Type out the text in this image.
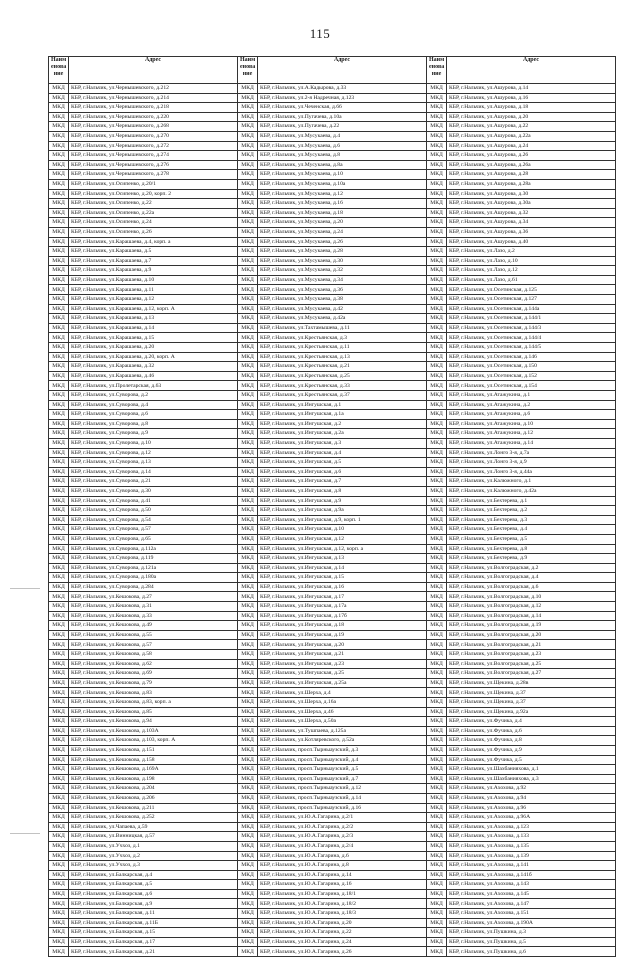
115
Наим енова ние	Адрес	Наим енова ние	Адрес	Наим енова ние	Адрес
МКД	КБР, г.Нальчик, ул.Чернышевского, д.212	МКД	КБР, г.Нальчик, ул.А.Кадырова, д.33	МКД	КБР, г.Нальчик, ул.Ашурова, д.14
МКД	КБР, г.Нальчик, ул.Чернышевского, д.214	МКД	КБР, г.Нальчик, ул.2-я Надречная, д.123	МКД	КБР, г.Нальчик, ул.Ашурова, д.16
МКД	КБР, г.Нальчик, ул.Чернышевского, д.218	МКД	КБР, г.Нальчик, ул.Чеченская, д.66	МКД	КБР, г.Нальчик, ул.Ашурова, д.18
МКД	КБР, г.Нальчик, ул.Чернышевского, д.220	МКД	КБР, г.Нальчик, ул.Пугачева, д.10а	МКД	КБР, г.Нальчик, ул.Ашурова, д.20
МКД	КБР, г.Нальчик, ул.Чернышевского, д.268	МКД	КБР, г.Нальчик, ул.Пугачева, д.22	МКД	КБР, г.Нальчик, ул.Ашурова, д.22
МКД	КБР, г.Нальчик, ул.Чернышевского, д.270	МКД	КБР, г.Нальчик, ул.Мусукаева, д.4	МКД	КБР, г.Нальчик, ул.Ашурова, д.22а
МКД	КБР, г.Нальчик, ул.Чернышевского, д.272	МКД	КБР, г.Нальчик, ул.Мусукаева, д.6	МКД	КБР, г.Нальчик, ул.Ашурова, д.24
МКД	КБР, г.Нальчик, ул.Чернышевского, д.274	МКД	КБР, г.Нальчик, ул.Мусукаева, д.8	МКД	КБР, г.Нальчик, ул.Ашурова, д.26
МКД	КБР, г.Нальчик, ул.Чернышевского, д.276	МКД	КБР, г.Нальчик, ул.Мусукаева, д.8а	МКД	КБР, г.Нальчик, ул.Ашурова, д.26а
МКД	КБР, г.Нальчик, ул.Чернышевского, д.278	МКД	КБР, г.Нальчик, ул.Мусукаева, д.10	МКД	КБР, г.Нальчик, ул.Ашурова, д.28
МКД	КБР, г.Нальчик, ул.Осипенко, д.20/1	МКД	КБР, г.Нальчик, ул.Мусукаева, д.10а	МКД	КБР, г.Нальчик, ул.Ашурова, д.28а
МКД	КБР, г.Нальчик, ул.Осипенко, д.20, корп. 2	МКД	КБР, г.Нальчик, ул.Мусукаева, д.12	МКД	КБР, г.Нальчик, ул.Ашурова, д.30
МКД	КБР, г.Нальчик, ул.Осипенко, д.22	МКД	КБР, г.Нальчик, ул.Мусукаева, д.16	МКД	КБР, г.Нальчик, ул.Ашурова, д.30а
МКД	КБР, г.Нальчик, ул.Осипенко, д.22а	МКД	КБР, г.Нальчик, ул.Мусукаева, д.18	МКД	КБР, г.Нальчик, ул.Ашурова, д.32
МКД	КБР, г.Нальчик, ул.Осипенко, д.24	МКД	КБР, г.Нальчик, ул.Мусукаева, д.20	МКД	КБР, г.Нальчик, ул.Ашурова, д.34
МКД	КБР, г.Нальчик, ул.Осипенко, д.26	МКД	КБР, г.Нальчик, ул.Мусукаева, д.24	МКД	КБР, г.Нальчик, ул.Ашурова, д.36
МКД	КБР, г.Нальчик, ул.Карашаева, д.4, корп. а	МКД	КБР, г.Нальчик, ул.Мусукаева, д.26	МКД	КБР, г.Нальчик, ул.Ашурова, д.40
МКД	КБР, г.Нальчик, ул.Карашаева, д.5	МКД	КБР, г.Нальчик, ул.Мусукаева, д.28	МКД	КБР, г.Нальчик, ул.Лазо, д.2
МКД	КБР, г.Нальчик, ул.Карашаева, д.7	МКД	КБР, г.Нальчик, ул.Мусукаева, д.30	МКД	КБР, г.Нальчик, ул.Лазо, д.10
МКД	КБР, г.Нальчик, ул.Карашаева, д.9	МКД	КБР, г.Нальчик, ул.Мусукаева, д.32	МКД	КБР, г.Нальчик, ул.Лазо, д.12
МКД	КБР, г.Нальчик, ул.Карашаева, д.10	МКД	КБР, г.Нальчик, ул.Мусукаева, д.34	МКД	КБР, г.Нальчик, ул.Лазо, д.61
МКД	КБР, г.Нальчик, ул.Карашаева, д.11	МКД	КБР, г.Нальчик, ул.Мусукаева, д.36	МКД	КБР, г.Нальчик, ул.Осетинская, д.125
МКД	КБР, г.Нальчик, ул.Карашаева, д.12	МКД	КБР, г.Нальчик, ул.Мусукаева, д.38	МКД	КБР, г.Нальчик, ул.Осетинская, д.127
МКД	КБР, г.Нальчик, ул.Карашаева, д.12, корп. А	МКД	КБР, г.Нальчик, ул.Мусукаева, д.42	МКД	КБР, г.Нальчик, ул.Осетинская, д.144а
МКД	КБР, г.Нальчик, ул.Карашаева, д.13	МКД	КБР, г.Нальчик, ул.Мусукаева, д.42а	МКД	КБР, г.Нальчик, ул.Осетинская, д.144/1
МКД	КБР, г.Нальчик, ул.Карашаева, д.14	МКД	КБР, г.Нальчик, ул.Тахтамышева, д.11	МКД	КБР, г.Нальчик, ул.Осетинская, д.144/3
МКД	КБР, г.Нальчик, ул.Карашаева, д.15	МКД	КБР, г.Нальчик, ул.Крестьянская, д.3	МКД	КБР, г.Нальчик, ул.Осетинская, д.144/4
МКД	КБР, г.Нальчик, ул.Карашаева, д.20	МКД	КБР, г.Нальчик, ул.Крестьянская, д.11	МКД	КБР, г.Нальчик, ул.Осетинская, д.144/5
МКД	КБР, г.Нальчик, ул.Карашаева, д.20, корп. А	МКД	КБР, г.Нальчик, ул.Крестьянская, д.13	МКД	КБР, г.Нальчик, ул.Осетинская, д.146
МКД	КБР, г.Нальчик, ул.Карашаева, д.32	МКД	КБР, г.Нальчик, ул.Крестьянская, д.21	МКД	КБР, г.Нальчик, ул.Осетинская, д.150
МКД	КБР, г.Нальчик, ул.Карашаева, д.46	МКД	КБР, г.Нальчик, ул.Крестьянская, д.25	МКД	КБР, г.Нальчик, ул.Осетинская, д.152
МКД	КБР, г.Нальчик, ул.Пролетарская, д.63	МКД	КБР, г.Нальчик, ул.Крестьянская, д.33	МКД	КБР, г.Нальчик, ул.Осетинская, д.154
МКД	КБР, г.Нальчик, ул.Суворова, д.2	МКД	КБР, г.Нальчик, ул.Крестьянская, д.37	МКД	КБР, г.Нальчик, ул.Атажукина, д.1
МКД	КБР, г.Нальчик, ул.Суворова, д.4	МКД	КБР, г.Нальчик, ул.Ингушская, д.1	МКД	КБР, г.Нальчик, ул.Атажукина, д.2
МКД	КБР, г.Нальчик, ул.Суворова, д.6	МКД	КБР, г.Нальчик, ул.Ингушская, д.1а	МКД	КБР, г.Нальчик, ул.Атажукина, д.6
МКД	КБР, г.Нальчик, ул.Суворова, д.8	МКД	КБР, г.Нальчик, ул.Ингушская, д.2	МКД	КБР, г.Нальчик, ул.Атажукина, д.10
МКД	КБР, г.Нальчик, ул.Суворова, д.9	МКД	КБР, г.Нальчик, ул.Ингушская, д.2а	МКД	КБР, г.Нальчик, ул.Атажукина, д.12
МКД	КБР, г.Нальчик, ул.Суворова, д.10	МКД	КБР, г.Нальчик, ул.Ингушская, д.3	МКД	КБР, г.Нальчик, ул.Атажукина, д.14
МКД	КБР, г.Нальчик, ул.Суворова, д.12	МКД	КБР, г.Нальчик, ул.Ингушская, д.4	МКД	КБР, г.Нальчик, ул.Лонго 3-я, д.7а
МКД	КБР, г.Нальчик, ул.Суворова, д.13	МКД	КБР, г.Нальчик, ул.Ингушская, д.5	МКД	КБР, г.Нальчик, ул.Лонго 3-я, д.9
МКД	КБР, г.Нальчик, ул.Суворова, д.14	МКД	КБР, г.Нальчик, ул.Ингушская, д.6	МКД	КБР, г.Нальчик, ул.Лонго 3-я, д.44а
МКД	КБР, г.Нальчик, ул.Суворова, д.21	МКД	КБР, г.Нальчик, ул.Ингушская, д.7	МКД	КБР, г.Нальчик, ул.Калюжного, д.1
МКД	КБР, г.Нальчик, ул.Суворова, д.30	МКД	КБР, г.Нальчик, ул.Ингушская, д.8	МКД	КБР, г.Нальчик, ул.Калюжного, д.42а
МКД	КБР, г.Нальчик, ул.Суворова, д.41	МКД	КБР, г.Нальчик, ул.Ингушская, д.9	МКД	КБР, г.Нальчик, ул.Бехтерева, д.1
МКД	КБР, г.Нальчик, ул.Суворова, д.50	МКД	КБР, г.Нальчик, ул.Ингушская, д.9а	МКД	КБР, г.Нальчик, ул.Бехтерева, д.2
МКД	КБР, г.Нальчик, ул.Суворова, д.54	МКД	КБР, г.Нальчик, ул.Ингушская, д.9, корп. 1	МКД	КБР, г.Нальчик, ул.Бехтерева, д.3
МКД	КБР, г.Нальчик, ул.Суворова, д.57	МКД	КБР, г.Нальчик, ул.Ингушская, д.10	МКД	КБР, г.Нальчик, ул.Бехтерева, д.4
МКД	КБР, г.Нальчик, ул.Суворова, д.65	МКД	КБР, г.Нальчик, ул.Ингушская, д.12	МКД	КБР, г.Нальчик, ул.Бехтерева, д.5
МКД	КБР, г.Нальчик, ул.Суворова, д.112а	МКД	КБР, г.Нальчик, ул.Ингушская, д.12, корп. а	МКД	КБР, г.Нальчик, ул.Бехтерева, д.8
МКД	КБР, г.Нальчик, ул.Суворова, д.119	МКД	КБР, г.Нальчик, ул.Ингушская, д.13	МКД	КБР, г.Нальчик, ул.Бехтерева, д.9
МКД	КБР, г.Нальчик, ул.Суворова, д.121а	МКД	КБР, г.Нальчик, ул.Ингушская, д.14	МКД	КБР, г.Нальчик, ул.Волгоградская, д.2
МКД	КБР, г.Нальчик, ул.Суворова, д.180а	МКД	КБР, г.Нальчик, ул.Ингушская, д.15	МКД	КБР, г.Нальчик, ул.Волгоградская, д.4
МКД	КБР, г.Нальчик, ул.Суворова, д.284	МКД	КБР, г.Нальчик, ул.Ингушская, д.16	МКД	КБР, г.Нальчик, ул.Волгоградская, д.6
МКД	КБР, г.Нальчик, ул.Кешокова, д.27	МКД	КБР, г.Нальчик, ул.Ингушская, д.17	МКД	КБР, г.Нальчик, ул.Волгоградская, д.10
МКД	КБР, г.Нальчик, ул.Кешокова, д.31	МКД	КБР, г.Нальчик, ул.Ингушская, д.17а	МКД	КБР, г.Нальчик, ул.Волгоградская, д.12
МКД	КБР, г.Нальчик, ул.Кешокова, д.33	МКД	КБР, г.Нальчик, ул.Ингушская, д.17б	МКД	КБР, г.Нальчик, ул.Волгоградская, д.14
МКД	КБР, г.Нальчик, ул.Кешокова, д.49	МКД	КБР, г.Нальчик, ул.Ингушская, д.18	МКД	КБР, г.Нальчик, ул.Волгоградская, д.19
МКД	КБР, г.Нальчик, ул.Кешокова, д.55	МКД	КБР, г.Нальчик, ул.Ингушская, д.19	МКД	КБР, г.Нальчик, ул.Волгоградская, д.20
МКД	КБР, г.Нальчик, ул.Кешокова, д.57	МКД	КБР, г.Нальчик, ул.Ингушская, д.20	МКД	КБР, г.Нальчик, ул.Волгоградская, д.21
МКД	КБР, г.Нальчик, ул.Кешокова, д.58	МКД	КБР, г.Нальчик, ул.Ингушская, д.21	МКД	КБР, г.Нальчик, ул.Волгоградская, д.23
МКД	КБР, г.Нальчик, ул.Кешокова, д.62	МКД	КБР, г.Нальчик, ул.Ингушская, д.23	МКД	КБР, г.Нальчик, ул.Волгоградская, д.25
МКД	КБР, г.Нальчик, ул.Кешокова, д.69	МКД	КБР, г.Нальчик, ул.Ингушская, д.25	МКД	КБР, г.Нальчик, ул.Волгоградская, д.27
МКД	КБР, г.Нальчик, ул.Кешокова, д.79	МКД	КБР, г.Нальчик, ул.Ингушская, д.25а	МКД	КБР, г.Нальчик, ул.Щекина, д.28в
МКД	КБР, г.Нальчик, ул.Кешокова, д.83	МКД	КБР, г.Нальчик, ул.Шерха, д.4	МКД	КБР, г.Нальчик, ул.Щекина, д.37
МКД	КБР, г.Нальчик, ул.Кешокова, д.83, корп. а	МКД	КБР, г.Нальчик, ул.Шерха, д.16а	МКД	КБР, г.Нальчик, ул.Щекина, д.37
МКД	КБР, г.Нальчик, ул.Кешокова, д.85	МКД	КБР, г.Нальчик, ул.Шерха, д.46	МКД	КБР, г.Нальчик, ул.Щекина, д.92а
МКД	КБР, г.Нальчик, ул.Кешокова, д.94	МКД	КБР, г.Нальчик, ул.Шерха, д.50а	МКД	КБР, г.Нальчик, ул.Фучика, д.4
МКД	КБР, г.Нальчик, ул.Кешокова, д.103А	МКД	КБР, г.Нальчик, ул.Тушпаева, д.125а	МКД	КБР, г.Нальчик, ул.Фучика, д.6
МКД	КБР, г.Нальчик, ул.Кешокова, д.103, корп. А	МКД	КБР, г.Нальчик, ул.Котляревского, д.52а	МКД	КБР, г.Нальчик, ул.Фучика, д.8
МКД	КБР, г.Нальчик, ул.Кешокова, д.151	МКД	КБР, г.Нальчик, просп.Тырныаузский, д.3	МКД	КБР, г.Нальчик, ул.Фучика, д.9
МКД	КБР, г.Нальчик, ул.Кешокова, д.158	МКД	КБР, г.Нальчик, просп.Тырныаузский, д.4	МКД	КБР, г.Нальчик, ул.Фучика, д.5
МКД	КБР, г.Нальчик, ул.Кешокова, д.169А	МКД	КБР, г.Нальчик, просп.Тырныаузский, д.5	МКД	КБР, г.Нальчик, ул.Шахбанияхова, д.1
МКД	КБР, г.Нальчик, ул.Кешокова, д.198	МКД	КБР, г.Нальчик, просп.Тырныаузский, д.7	МКД	КБР, г.Нальчик, ул.Шахбанияхова, д.3
МКД	КБР, г.Нальчик, ул.Кешокова, д.204	МКД	КБР, г.Нальчик, просп.Тырныаузский, д.12	МКД	КБР, г.Нальчик, ул.Ахохова, д.92
МКД	КБР, г.Нальчик, ул.Кешокова, д.206	МКД	КБР, г.Нальчик, просп.Тырныаузский, д.14	МКД	КБР, г.Нальчик, ул.Ахохова, д.94
МКД	КБР, г.Нальчик, ул.Кешокова, д.211	МКД	КБР, г.Нальчик, просп.Тырныаузский, д.16	МКД	КБР, г.Нальчик, ул.Ахохова, д.96
МКД	КБР, г.Нальчик, ул.Кешокова, д.252	МКД	КБР, г.Нальчик, ул.Ю.А.Гагарина, д.2/1	МКД	КБР, г.Нальчик, ул.Ахохова, д.96А
МКД	КБР, г.Нальчик, ул.Чапаева, д.59	МКД	КБР, г.Нальчик, ул.Ю.А.Гагарина, д.2/2	МКД	КБР, г.Нальчик, ул.Ахохова, д.123
МКД	КБР, г.Нальчик, ул.Винницкая, д.57	МКД	КБР, г.Нальчик, ул.Ю.А.Гагарина, д.2/3	МКД	КБР, г.Нальчик, ул.Ахохова, д.133
МКД	КБР, г.Нальчик, ул.Учхоз, д.1	МКД	КБР, г.Нальчик, ул.Ю.А.Гагарина, д.2/4	МКД	КБР, г.Нальчик, ул.Ахохова, д.135
МКД	КБР, г.Нальчик, ул.Учхоз, д.2	МКД	КБР, г.Нальчик, ул.Ю.А.Гагарина, д.6	МКД	КБР, г.Нальчик, ул.Ахохова, д.139
МКД	КБР, г.Нальчик, ул.Учхоз, д.3	МКД	КБР, г.Нальчик, ул.Ю.А.Гагарина, д.8	МКД	КБР, г.Нальчик, ул.Ахохова, д.141
МКД	КБР, г.Нальчик, ул.Балкарская, д.4	МКД	КБР, г.Нальчик, ул.Ю.А.Гагарина, д.14	МКД	КБР, г.Нальчик, ул.Ахохова, д.141б
МКД	КБР, г.Нальчик, ул.Балкарская, д.5	МКД	КБР, г.Нальчик, ул.Ю.А.Гагарина, д.16	МКД	КБР, г.Нальчик, ул.Ахохова, д.143
МКД	КБР, г.Нальчик, ул.Балкарская, д.6	МКД	КБР, г.Нальчик, ул.Ю.А.Гагарина, д.18/1	МКД	КБР, г.Нальчик, ул.Ахохова, д.145
МКД	КБР, г.Нальчик, ул.Балкарская, д.9	МКД	КБР, г.Нальчик, ул.Ю.А.Гагарина, д.18/2	МКД	КБР, г.Нальчик, ул.Ахохова, д.147
МКД	КБР, г.Нальчик, ул.Балкарская, д.11	МКД	КБР, г.Нальчик, ул.Ю.А.Гагарина, д.18/3	МКД	КБР, г.Нальчик, ул.Ахохова, д.151
МКД	КБР, г.Нальчик, ул.Балкарская, д.11Б	МКД	КБР, г.Нальчик, ул.Ю.А.Гагарина, д.20	МКД	КБР, г.Нальчик, ул.Ахохова, д.190А
МКД	КБР, г.Нальчик, ул.Балкарская, д.15	МКД	КБР, г.Нальчик, ул.Ю.А.Гагарина, д.22	МКД	КБР, г.Нальчик, ул.Пушкина, д.3
МКД	КБР, г.Нальчик, ул.Балкарская, д.17	МКД	КБР, г.Нальчик, ул.Ю.А.Гагарина, д.24	МКД	КБР, г.Нальчик, ул.Пушкина, д.5
МКД	КБР, г.Нальчик, ул.Балкарская, д.21	МКД	КБР, г.Нальчик, ул.Ю.А.Гагарина, д.26	МКД	КБР, г.Нальчик, ул.Пушкина, д.6
